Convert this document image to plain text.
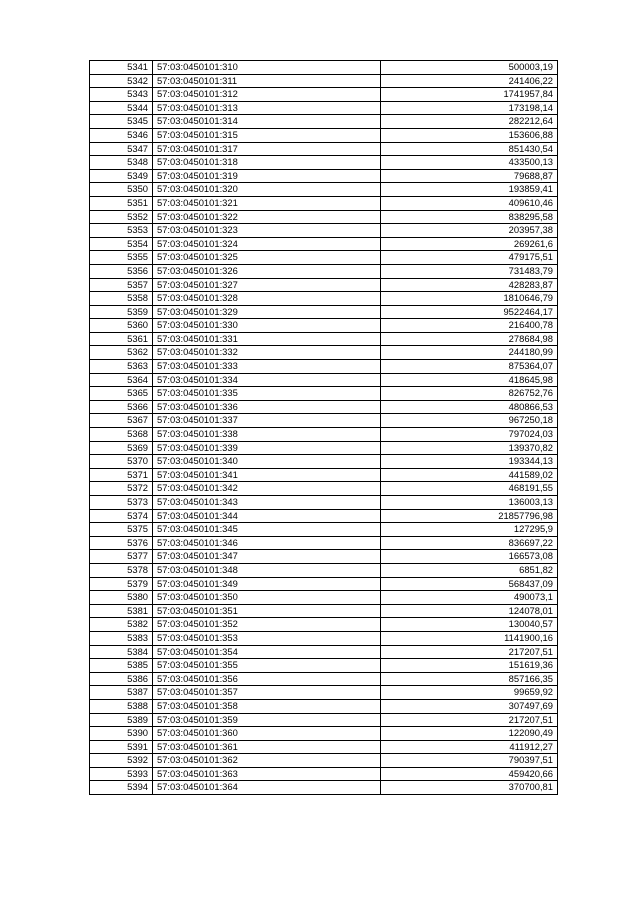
5341	57:03:0450101:310	500003,19
5342	57:03:0450101:311	241406,22
5343	57:03:0450101:312	1741957,84
5344	57:03:0450101:313	173198,14
5345	57:03:0450101:314	282212,64
5346	57:03:0450101:315	153606,88
5347	57:03:0450101:317	851430,54
5348	57:03:0450101:318	433500,13
5349	57:03:0450101:319	79688,87
5350	57:03:0450101:320	193859,41
5351	57:03:0450101:321	409610,46
5352	57:03:0450101:322	838295,58
5353	57:03:0450101:323	203957,38
5354	57:03:0450101:324	269261,6
5355	57:03:0450101:325	479175,51
5356	57:03:0450101:326	731483,79
5357	57:03:0450101:327	428283,87
5358	57:03:0450101:328	1810646,79
5359	57:03:0450101:329	9522464,17
5360	57:03:0450101:330	216400,78
5361	57:03:0450101:331	278684,98
5362	57:03:0450101:332	244180,99
5363	57:03:0450101:333	875364,07
5364	57:03:0450101:334	418645,98
5365	57:03:0450101:335	826752,76
5366	57:03:0450101:336	480866,53
5367	57:03:0450101:337	967250,18
5368	57:03:0450101:338	797024,03
5369	57:03:0450101:339	139370,82
5370	57:03:0450101:340	193344,13
5371	57:03:0450101:341	441589,02
5372	57:03:0450101:342	468191,55
5373	57:03:0450101:343	136003,13
5374	57:03:0450101:344	21857796,98
5375	57:03:0450101:345	127295,9
5376	57:03:0450101:346	836697,22
5377	57:03:0450101:347	166573,08
5378	57:03:0450101:348	6851,82
5379	57:03:0450101:349	568437,09
5380	57:03:0450101:350	490073,1
5381	57:03:0450101:351	124078,01
5382	57:03:0450101:352	130040,57
5383	57:03:0450101:353	1141900,16
5384	57:03:0450101:354	217207,51
5385	57:03:0450101:355	151619,36
5386	57:03:0450101:356	857166,35
5387	57:03:0450101:357	99659,92
5388	57:03:0450101:358	307497,69
5389	57:03:0450101:359	217207,51
5390	57:03:0450101:360	122090,49
5391	57:03:0450101:361	411912,27
5392	57:03:0450101:362	790397,51
5393	57:03:0450101:363	459420,66
5394	57:03:0450101:364	370700,81
